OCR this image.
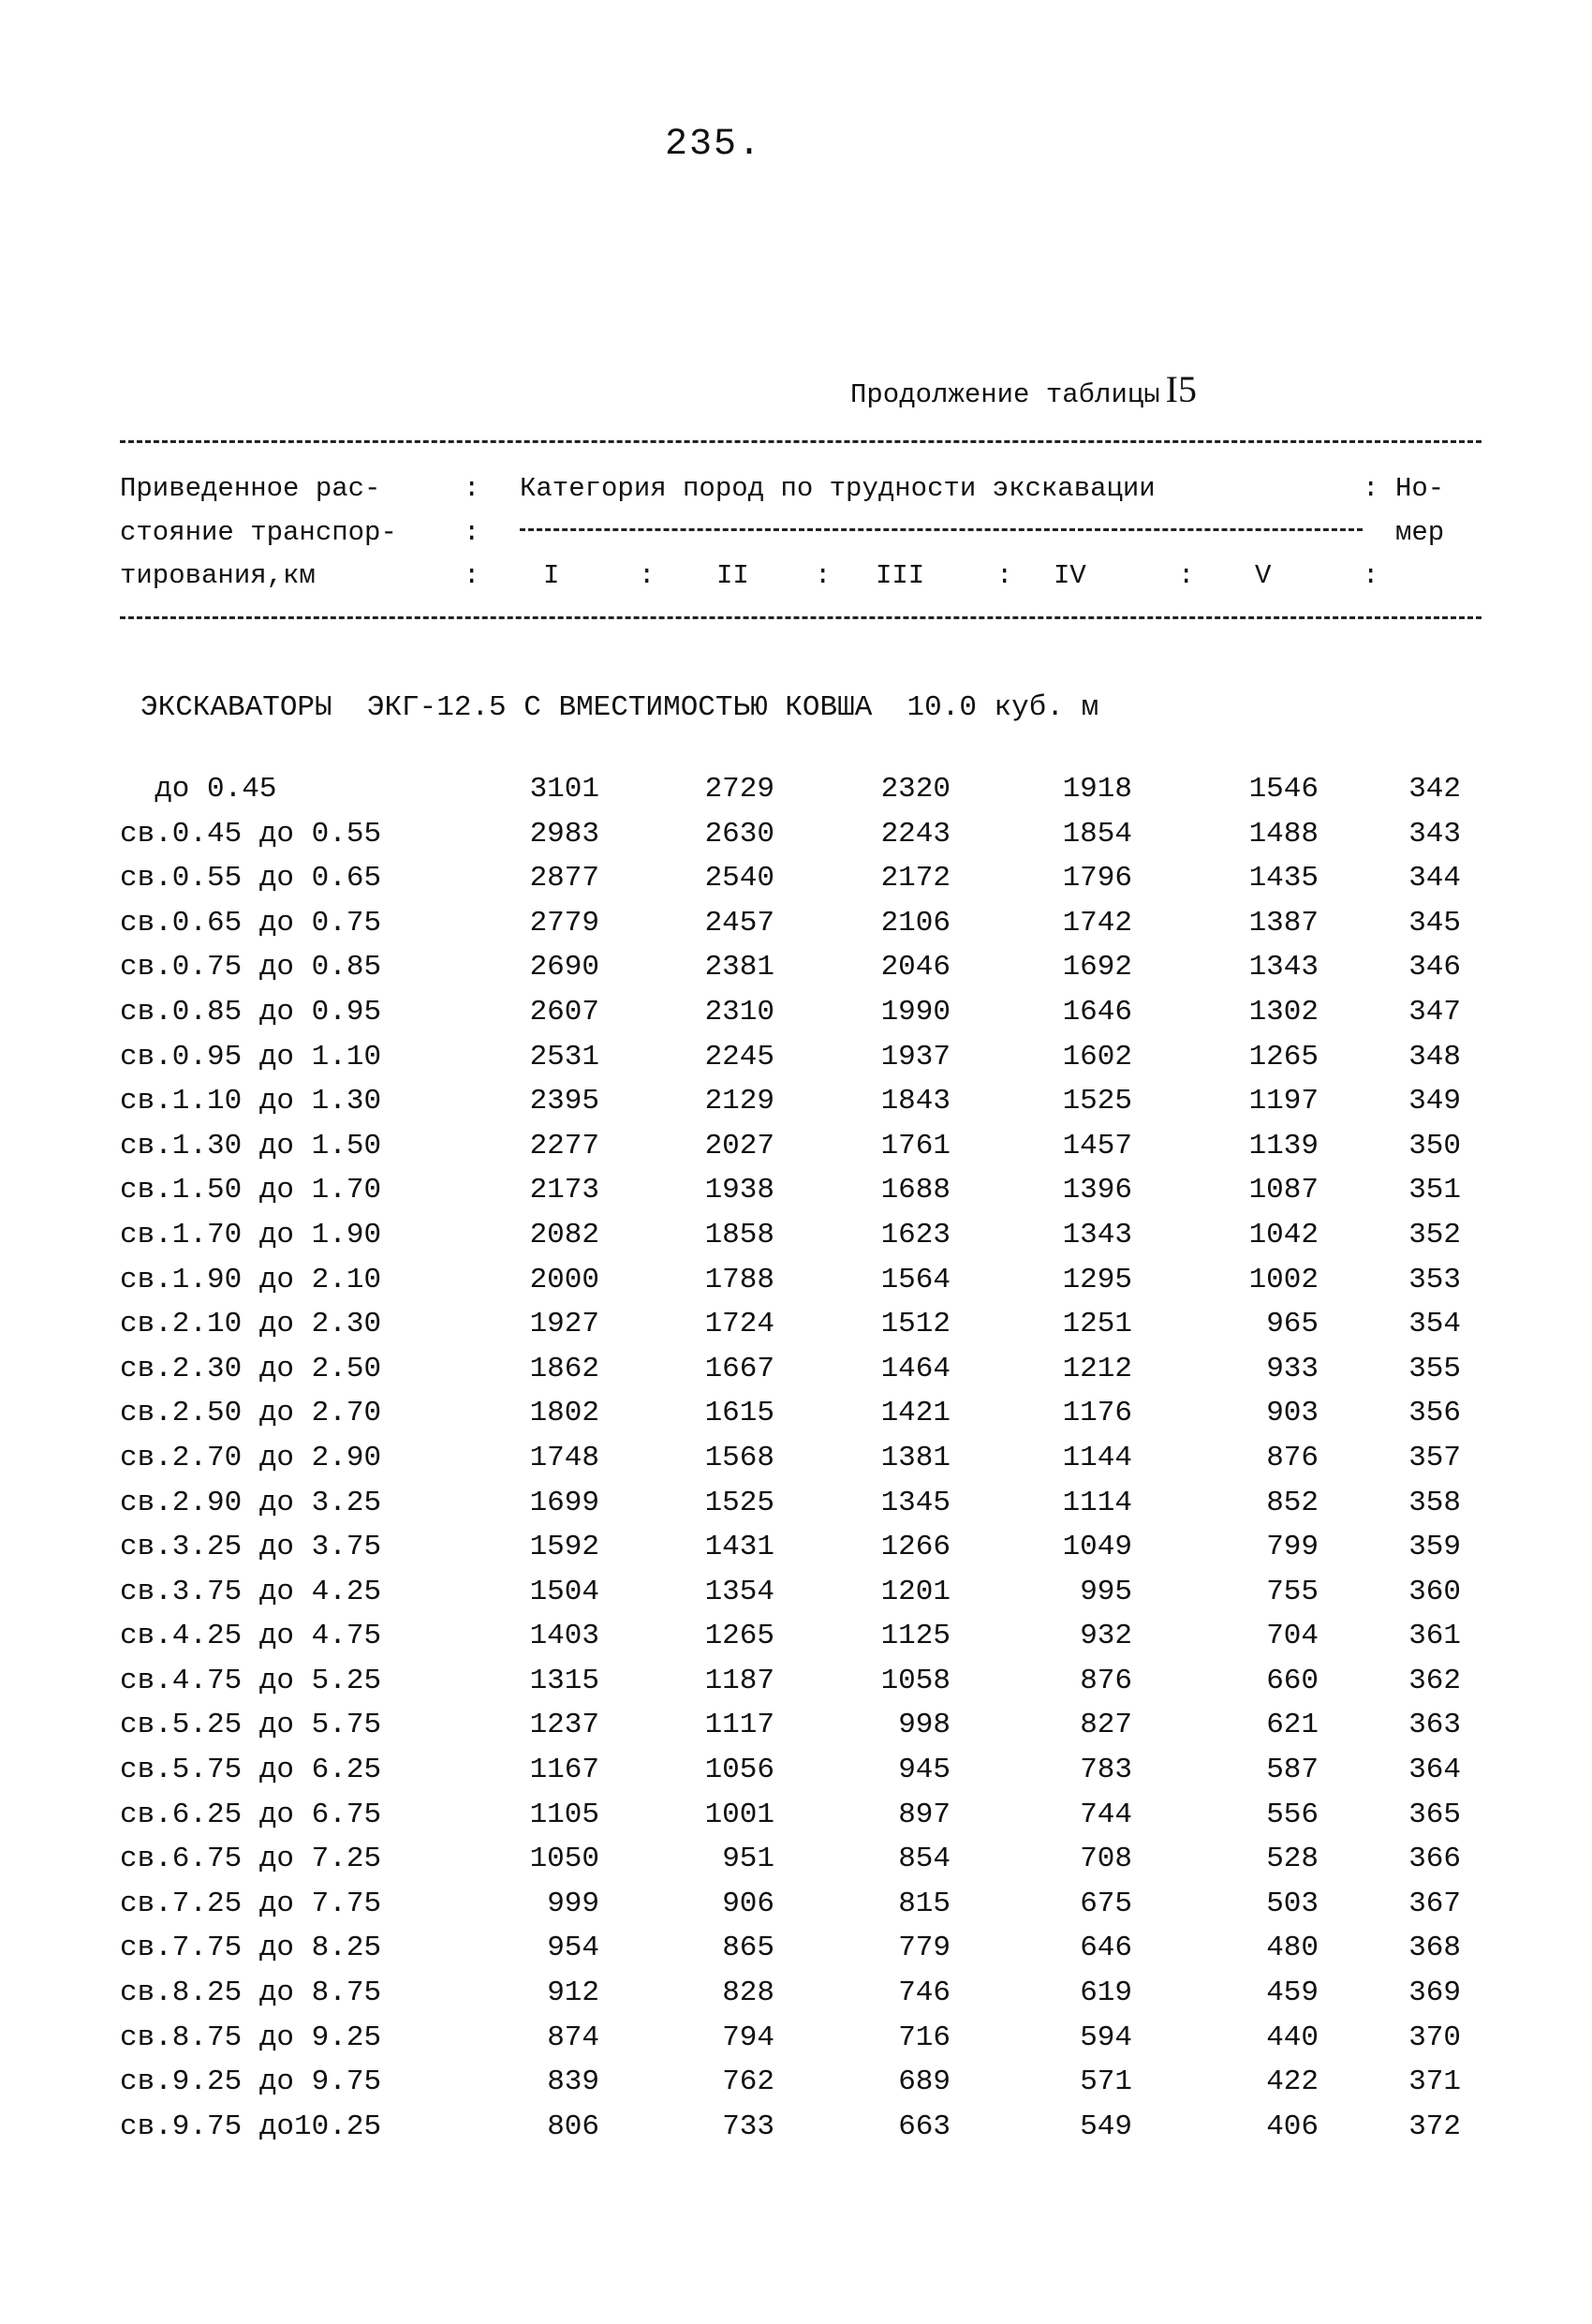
235.
Продолжение таблицы I5
Приведенное рас-	: Категория пород по трудности экскавации	: Но-
стояние транспор- :	мер
тирования,км	: I	: II : III	: IV	: V	:
ЭКСКАВАТОРЫ  ЭКГ-12.5 С ВМЕСТИМОСТЬЮ КОВША  10.0 куб. м
до 0.45	3101	2729	2320	1918	1546	342
св.0.45 до 0.55	2983	2630	2243	1854	1488	343
св.0.55 до 0.65	2877	2540	2172	1796	1435	344
св.0.65 до 0.75	2779	2457	2106	1742	1387	345
св.0.75 до 0.85	2690	2381	2046	1692	1343	346
св.0.85 до 0.95	2607	2310	1990	1646	1302	347
св.0.95 до 1.10	2531	2245	1937	1602	1265	348
св.1.10 до 1.30	2395	2129	1843	1525	1197	349
св.1.30 до 1.50	2277	2027	1761	1457	1139	350
св.1.50 до 1.70	2173	1938	1688	1396	1087	351
св.1.70 до 1.90	2082	1858	1623	1343	1042	352
св.1.90 до 2.10	2000	1788	1564	1295	1002	353
св.2.10 до 2.30	1927	1724	1512	1251	965	354
св.2.30 до 2.50	1862	1667	1464	1212	933	355
св.2.50 до 2.70	1802	1615	1421	1176	903	356
св.2.70 до 2.90	1748	1568	1381	1144	876	357
св.2.90 до 3.25	1699	1525	1345	1114	852	358
св.3.25 до 3.75	1592	1431	1266	1049	799	359
св.3.75 до 4.25	1504	1354	1201	995	755	360
св.4.25 до 4.75	1403	1265	1125	932	704	361
св.4.75 до 5.25	1315	1187	1058	876	660	362
св.5.25 до 5.75	1237	1117	998	827	621	363
св.5.75 до 6.25	1167	1056	945	783	587	364
св.6.25 до 6.75	1105	1001	897	744	556	365
св.6.75 до 7.25	1050	951	854	708	528	366
св.7.25 до 7.75	999	906	815	675	503	367
св.7.75 до 8.25	954	865	779	646	480	368
св.8.25 до 8.75	912	828	746	619	459	369
св.8.75 до 9.25	874	794	716	594	440	370
св.9.25 до 9.75	839	762	689	571	422	371
св.9.75 до10.25	806	733	663	549	406	372
